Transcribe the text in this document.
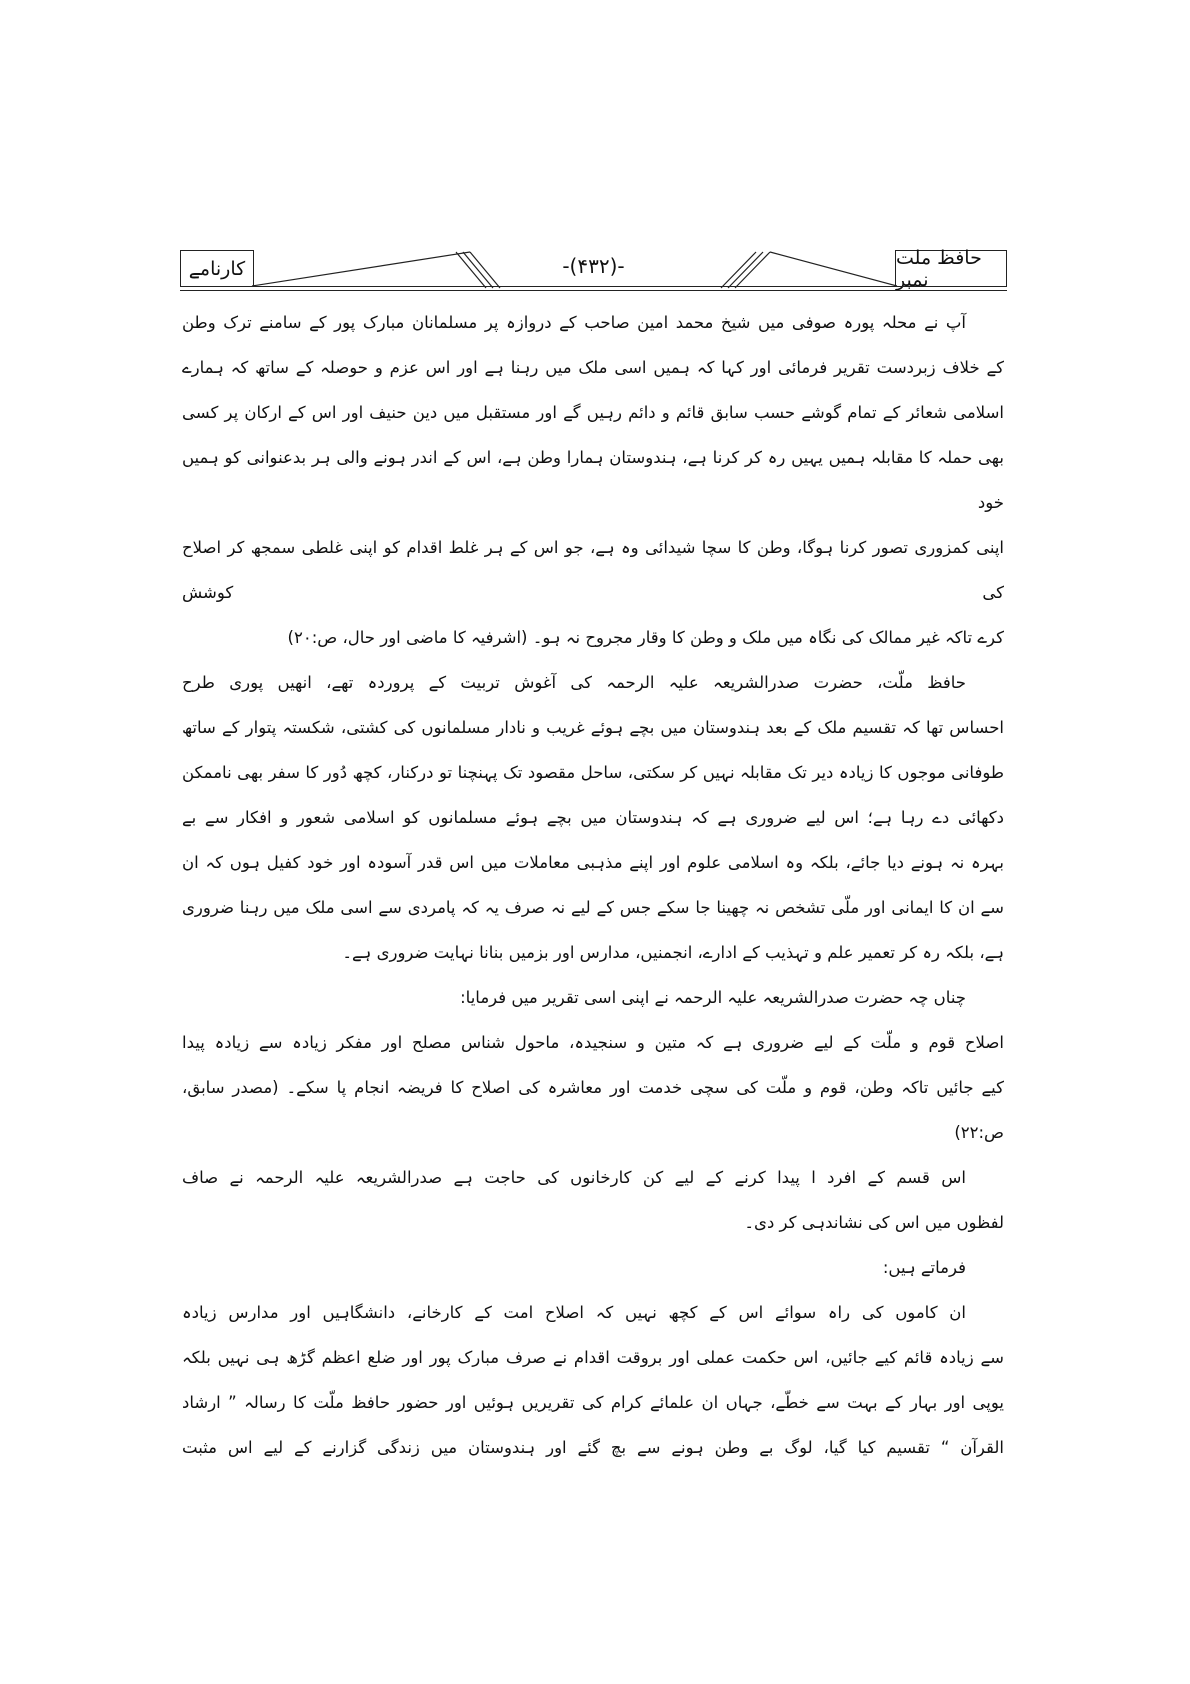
کارنامے	-(۴۳۲)-	حافظ ملت نمبر
آپ نے محلہ پورہ صوفی میں شیخ محمد امین صاحب کے دروازہ پر مسلمانان مبارک پور کے سامنے ترک وطن
کے خلاف زبردست تقریر فرمائی اور کہا کہ ہمیں اسی ملک میں رہنا ہے اور اس عزم و حوصلہ کے ساتھ کہ ہمارے
اسلامی شعائر کے تمام گوشے حسب سابق قائم و دائم رہیں گے اور مستقبل میں دین حنیف اور اس کے ارکان پر کسی
بھی حملہ کا مقابلہ ہمیں یہیں رہ کر کرنا ہے، ہندوستان ہمارا وطن ہے، اس کے اندر ہونے والی ہر بدعنوانی کو ہمیں خود
اپنی کمزوری تصور کرنا ہوگا، وطن کا سچا شیدائی وہ ہے، جو اس کے ہر غلط اقدام کو اپنی غلطی سمجھ کر اصلاح کی کوشش
کرے تاکہ غیر ممالک کی نگاہ میں ملک و وطن کا وقار مجروح نہ ہو۔ (اشرفیہ کا ماضی اور حال، ص:۲۰)
حافظ ملّت، حضرت صدرالشریعہ علیہ الرحمہ کی آغوش تربیت کے پروردہ تھے، انھیں پوری طرح
احساس تھا کہ تقسیم ملک کے بعد ہندوستان میں بچے ہوئے غریب و نادار مسلمانوں کی کشتی، شکستہ پتوار کے ساتھ
طوفانی موجوں کا زیادہ دیر تک مقابلہ نہیں کر سکتی، ساحل مقصود تک پہنچنا تو درکنار، کچھ دُور کا سفر بھی ناممکن
دکھائی دے رہا ہے؛ اس لیے ضروری ہے کہ ہندوستان میں بچے ہوئے مسلمانوں کو اسلامی شعور و افکار سے بے
بہرہ نہ ہونے دیا جائے، بلکہ وہ اسلامی علوم اور اپنے مذہبی معاملات میں اس قدر آسودہ اور خود کفیل ہوں کہ ان
سے ان کا ایمانی اور ملّی تشخص نہ چھینا جا سکے جس کے لیے نہ صرف یہ کہ پامردی سے اسی ملک میں رہنا ضروری
ہے، بلکہ رہ کر تعمیر علم و تہذیب کے ادارے، انجمنیں، مدارس اور بزمیں بنانا نہایت ضروری ہے۔
چناں چہ حضرت صدرالشریعہ علیہ الرحمہ نے اپنی اسی تقریر میں فرمایا:
اصلاح قوم و ملّت کے لیے ضروری ہے کہ متین و سنجیدہ، ماحول شناس مصلح اور مفکر زیادہ سے زیادہ پیدا
کیے جائیں تاکہ وطن، قوم و ملّت کی سچی خدمت اور معاشرہ کی اصلاح کا فریضہ انجام پا سکے۔ (مصدر سابق، ص:۲۲)
اس قسم کے افرد ا پیدا کرنے کے لیے کن کارخانوں کی حاجت ہے صدرالشریعہ علیہ الرحمہ نے صاف
لفظوں میں اس کی نشاندہی کر دی۔
فرماتے ہیں:
ان کاموں کی راہ سوائے اس کے کچھ نہیں کہ اصلاح امت کے کارخانے، دانشگاہیں اور مدارس زیادہ
سے زیادہ قائم کیے جائیں، اس حکمت عملی اور بروقت اقدام نے صرف مبارک پور اور ضلع اعظم گڑھ ہی نہیں بلکہ
یوپی اور بہار کے بہت سے خطّے، جہاں ان علمائے کرام کی تقریریں ہوئیں اور حضور حافظ ملّت کا رسالہ ” ارشاد
القرآن “ تقسیم کیا گیا، لوگ بے وطن ہونے سے بچ گئے اور ہندوستان میں زندگی گزارنے کے لیے اس مثبت
